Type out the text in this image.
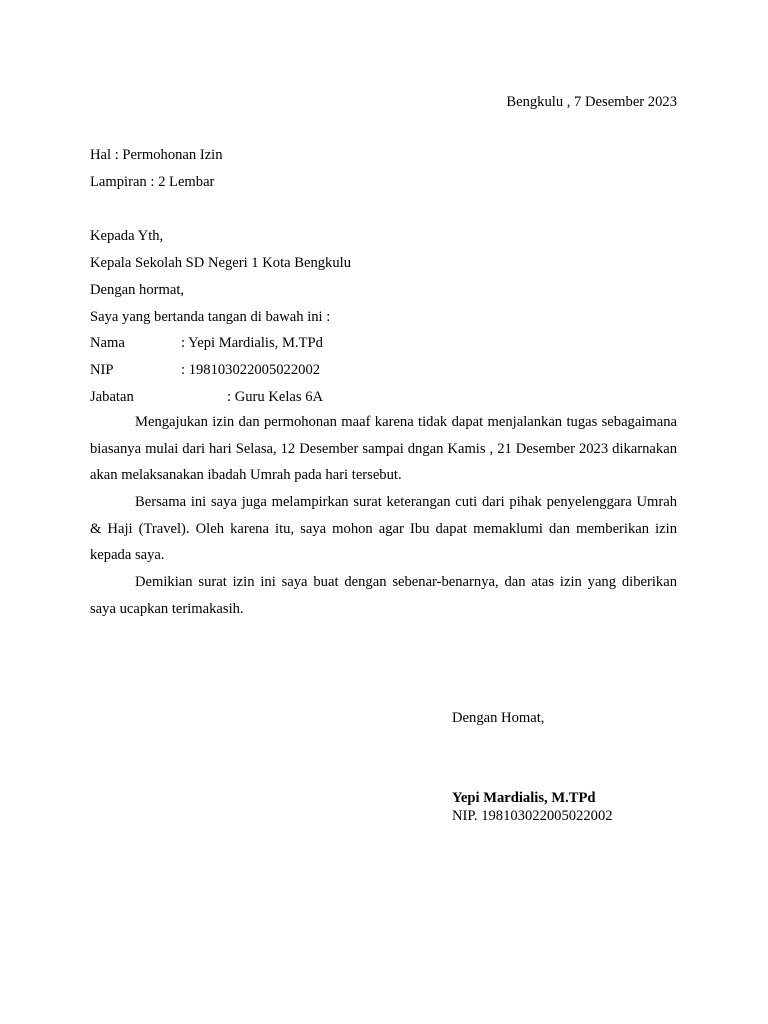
Bengkulu , 7 Desember 2023
Hal : Permohonan Izin
Lampiran : 2 Lembar
Kepada Yth,
Kepala Sekolah SD Negeri 1 Kota Bengkulu
Dengan hormat,
Saya yang bertanda tangan di bawah ini :
Nama	: Yepi Mardialis, M.TPd
NIP	: 198103022005022002
Jabatan	: Guru Kelas 6A

Mengajukan izin dan permohonan maaf karena tidak dapat menjalankan tugas sebagaimana biasanya mulai dari hari Selasa, 12 Desember sampai dngan Kamis , 21 Desember 2023 dikarnakan akan melaksanakan ibadah Umrah pada hari tersebut.

Bersama ini saya juga melampirkan surat keterangan cuti dari pihak penyelenggara Umrah & Haji (Travel). Oleh karena itu, saya mohon agar Ibu dapat memaklumi dan memberikan izin kepada saya.

Demikian surat izin ini saya buat dengan sebenar-benarnya, dan atas izin yang diberikan saya ucapkan terimakasih.

Dengan Homat,
Yepi Mardialis, M.TPd
NIP. 198103022005022002
